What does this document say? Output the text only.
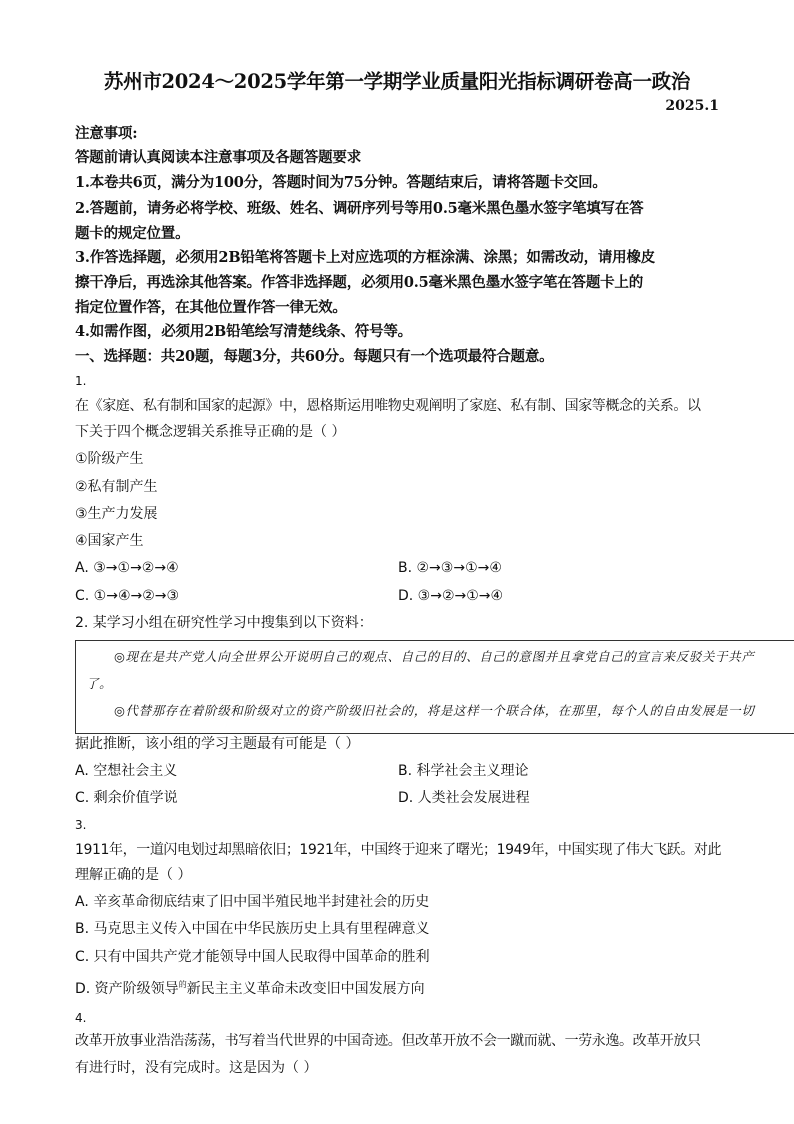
苏州市2024～2025学年第一学期学业质量阳光指标调研卷高一政治
2025.1
注意事项:
答题前请认真阅读本注意事项及各题答题要求
1.本卷共6页，满分为100分，答题时间为75分钟。答题结束后，请将答题卡交回。
2.答题前，请务必将学校、班级、姓名、调研序列号等用0.5毫米黑色墨水签字笔填写在答
题卡的规定位置。
3.作答选择题，必须用2B铅笔将答题卡上对应选项的方框涂满、涂黑；如需改动，请用橡皮
擦干净后，再选涂其他答案。作答非选择题，必须用0.5毫米黑色墨水签字笔在答题卡上的
指定位置作答，在其他位置作答一律无效。
4.如需作图，必须用2B铅笔绘写清楚线条、符号等。
一、选择题：共20题，每题3分，共60分。每题只有一个选项最符合题意。
1.
在《家庭、私有制和国家的起源》中，恩格斯运用唯物史观阐明了家庭、私有制、国家等概念的关系。以
下关于四个概念逻辑关系推导正确的是（ ）
①阶级产生
②私有制产生
③生产力发展
④国家产生
A. ③→①→②→④	B. ②→③→①→④
C. ①→④→②→③	D. ③→②→①→④
2. 某学习小组在研究性学习中搜集到以下资料：
◎现在是共产党人向全世界公开说明自己的观点、自己的目的、自己的意图并且拿党自己的宣言来反驳关于共产
了。
◎代替那存在着阶级和阶级对立的资产阶级旧社会的，将是这样一个联合体，在那里，每个人的自由发展是一切
据此推断，该小组的学习主题最有可能是（ ）
A. 空想社会主义	B. 科学社会主义理论
C. 剩余价值学说	D. 人类社会发展进程
3.
1911年，一道闪电划过却黑暗依旧；1921年，中国终于迎来了曙光；1949年，中国实现了伟大飞跃。对此
理解正确的是（ ）
A. 辛亥革命彻底结束了旧中国半殖民地半封建社会的历史
B. 马克思主义传入中国在中华民族历史上具有里程碑意义
C. 只有中国共产党才能领导中国人民取得中国革命的胜利
D. 资产阶级领导$^的$新民主主义革命未改变旧中国发展方向
4.
改革开放事业浩浩荡荡，书写着当代世界的中国奇迹。但改革开放不会一蹴而就、一劳永逸。改革开放只
有进行时，没有完成时。这是因为（ ）
